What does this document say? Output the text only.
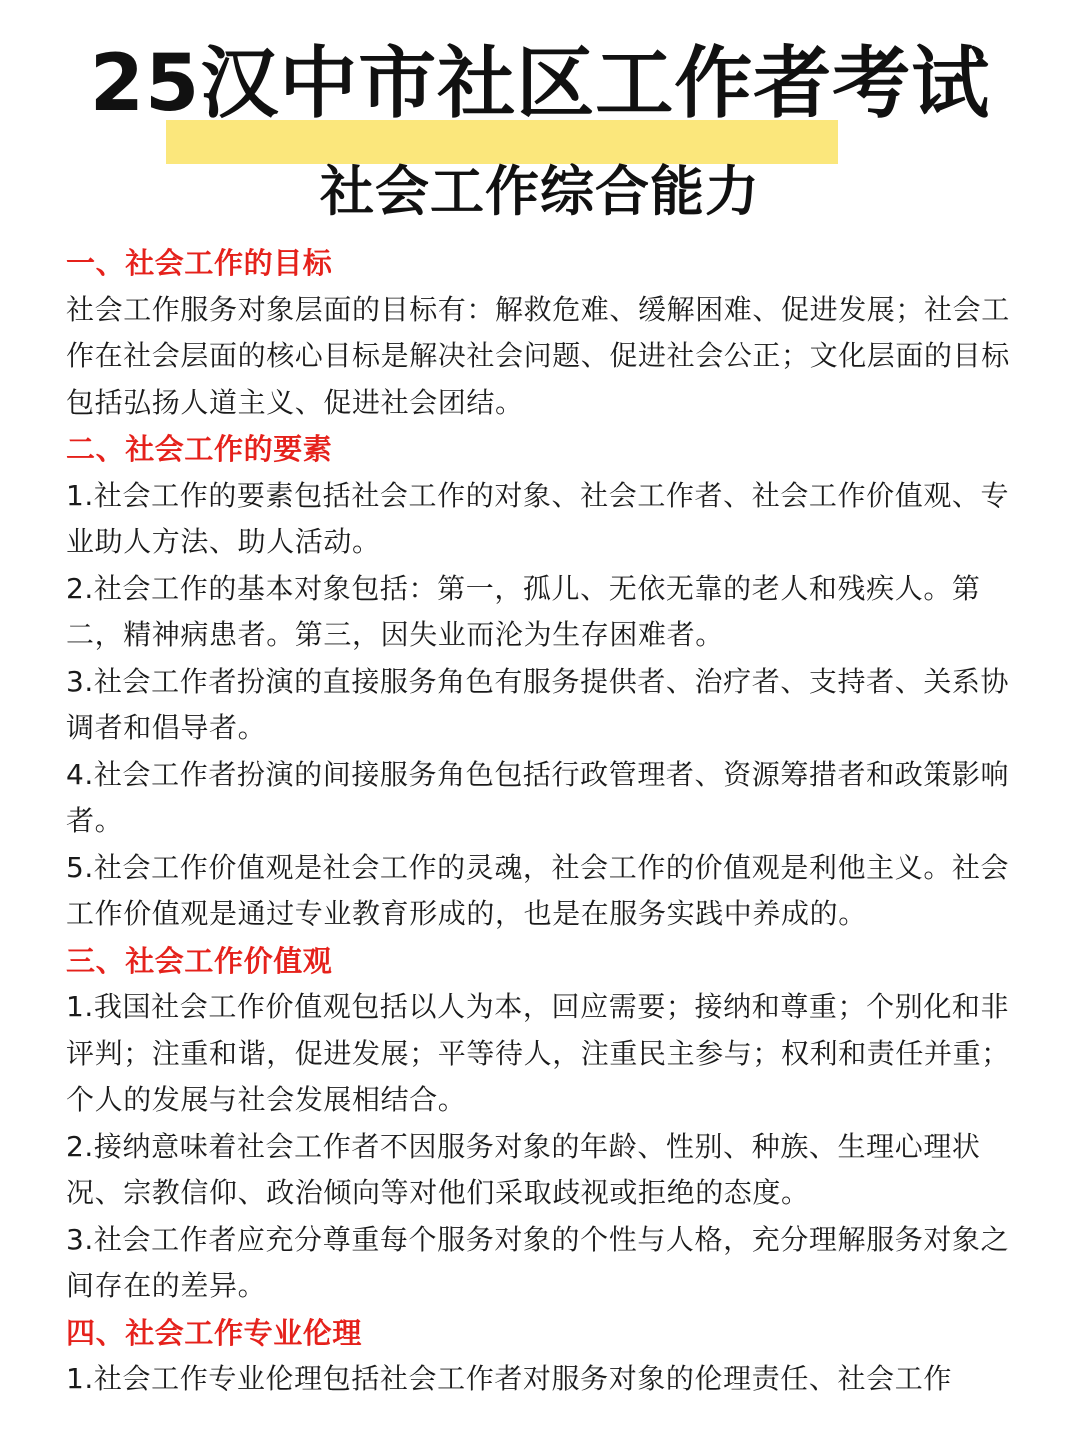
25汉中市社区工作者考试
社会工作综合能力
一、社会工作的目标

社会工作服务对象层面的目标有：解救危难、缓解困难、促进发展；社会工作在社会层面的核心目标是解决社会问题、促进社会公正；文化层面的目标包括弘扬人道主义、促进社会团结。

二、社会工作的要素

1.社会工作的要素包括社会工作的对象、社会工作者、社会工作价值观、专业助人方法、助人活动。

2.社会工作的基本对象包括：第一，孤儿、无依无靠的老人和残疾人。第二，精神病患者。第三，因失业而沦为生存困难者。

3.社会工作者扮演的直接服务角色有服务提供者、治疗者、支持者、关系协调者和倡导者。

4.社会工作者扮演的间接服务角色包括行政管理者、资源筹措者和政策影响者。

5.社会工作价值观是社会工作的灵魂，社会工作的价值观是利他主义。社会工作价值观是通过专业教育形成的，也是在服务实践中养成的。

三、社会工作价值观

1.我国社会工作价值观包括以人为本，回应需要；接纳和尊重；个别化和非评判；注重和谐，促进发展；平等待人，注重民主参与；权利和责任并重；个人的发展与社会发展相结合。

2.接纳意味着社会工作者不因服务对象的年龄、性别、种族、生理心理状况、宗教信仰、政治倾向等对他们采取歧视或拒绝的态度。

3.社会工作者应充分尊重每个服务对象的个性与人格，充分理解服务对象之间存在的差异。

四、社会工作专业伦理

1.社会工作专业伦理包括社会工作者对服务对象的伦理责任、社会工作
